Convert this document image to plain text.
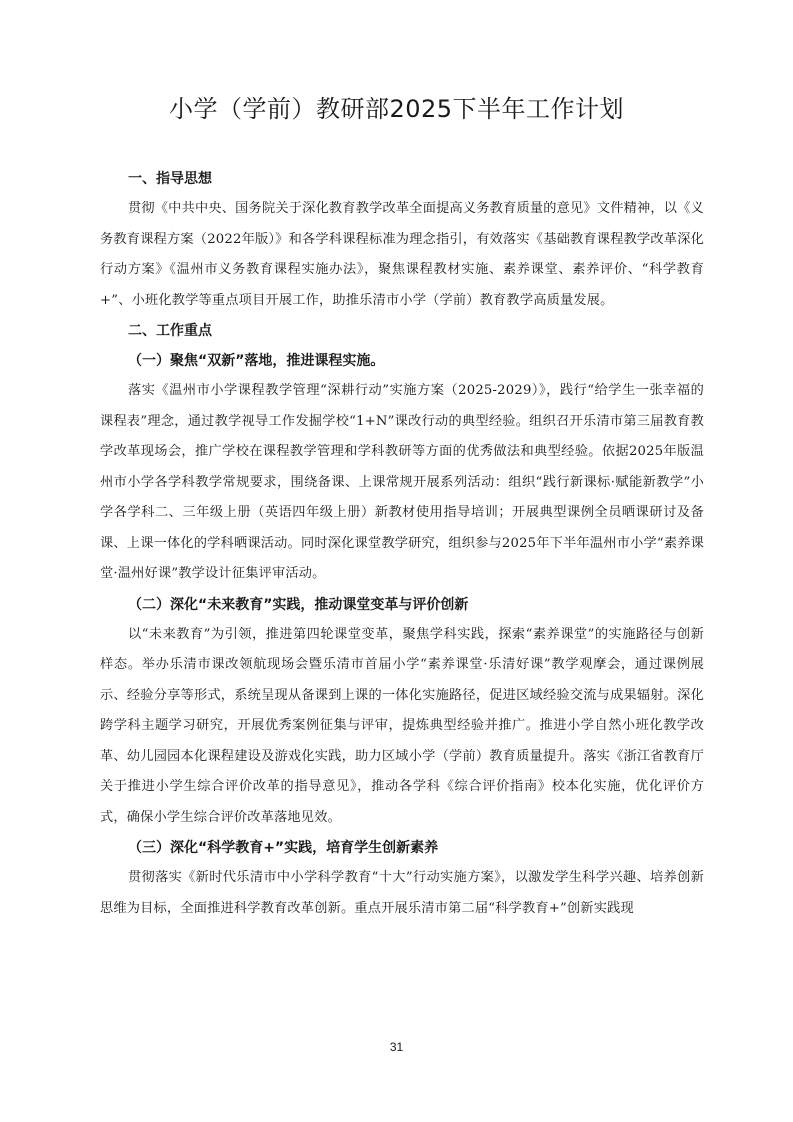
小学（学前）教研部2025下半年工作计划

一、指导思想

贯彻《中共中央、国务院关于深化教育教学改革全面提高义务教育质量的意见》文件精神，以《义务教育课程方案（2022年版）》和各学科课程标准为理念指引，有效落实《基础教育课程教学改革深化行动方案》《温州市义务教育课程实施办法》，聚焦课程教材实施、素养课堂、素养评价、“科学教育+”、小班化教学等重点项目开展工作，助推乐清市小学（学前）教育教学高质量发展。

二、工作重点

（一）聚焦“双新”落地，推进课程实施。

落实《温州市小学课程教学管理“深耕行动”实施方案（2025-2029）》，践行“给学生一张幸福的课程表”理念，通过教学视导工作发掘学校“1+N”课改行动的典型经验。组织召开乐清市第三届教育教学改革现场会，推广学校在课程教学管理和学科教研等方面的优秀做法和典型经验。依据2025年版温州市小学各学科教学常规要求，围绕备课、上课常规开展系列活动：组织“践行新课标·赋能新教学”小学各学科二、三年级上册（英语四年级上册）新教材使用指导培训；开展典型课例全员晒课研讨及备课、上课一体化的学科晒课活动。同时深化课堂教学研究，组织参与2025年下半年温州市小学“素养课堂·温州好课”教学设计征集评审活动。

（二）深化“未来教育”实践，推动课堂变革与评价创新

以“未来教育”为引领，推进第四轮课堂变革，聚焦学科实践，探索“素养课堂”的实施路径与创新样态。举办乐清市课改领航现场会暨乐清市首届小学“素养课堂·乐清好课”教学观摩会，通过课例展示、经验分享等形式，系统呈现从备课到上课的一体化实施路径，促进区域经验交流与成果辐射。深化跨学科主题学习研究，开展优秀案例征集与评审，提炼典型经验并推广。推进小学自然小班化教学改革、幼儿园园本化课程建设及游戏化实践，助力区域小学（学前）教育质量提升。落实《浙江省教育厅关于推进小学生综合评价改革的指导意见》，推动各学科《综合评价指南》校本化实施，优化评价方式，确保小学生综合评价改革落地见效。

（三）深化“科学教育+”实践，培育学生创新素养

贯彻落实《新时代乐清市中小学科学教育“十大”行动实施方案》，以激发学生科学兴趣、培养创新思维为目标，全面推进科学教育改革创新。重点开展乐清市第二届“科学教育+”创新实践现

31
